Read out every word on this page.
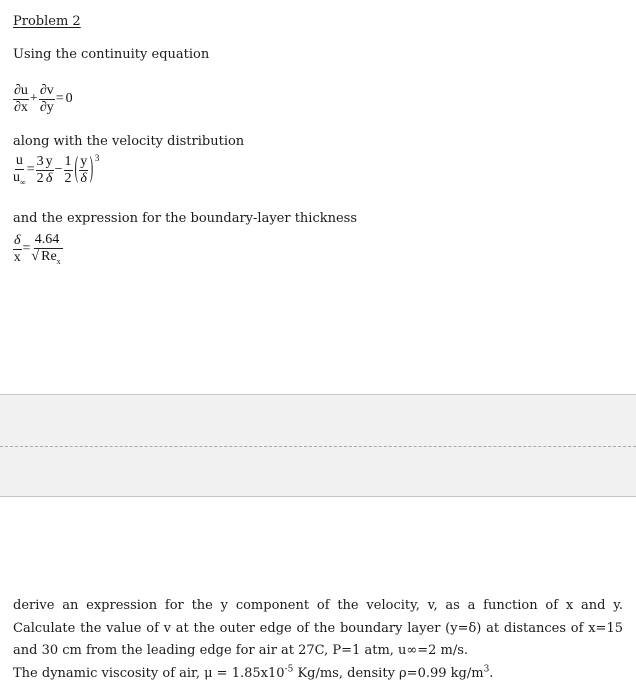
Problem 2
Using the continuity equation
$\frac{\partial u}{\partial x} + \frac{\partial v}{\partial y} = 0$
along with the velocity distribution
$\frac{u}{u_\infty} = \frac{3}{2} \frac{y}{\delta} - \frac{1}{2}$ ( $\frac{y}{\delta}$ ) 3
and the expression for the boundary-layer thickness
$\frac{\delta}{x} = \frac{4.64}{√ Re_x}$
derive an expression for the y component of the velocity, v, as a function of x and y.
Calculate the value of v at the outer edge of the boundary layer (y=δ) at distances of x=15
and 30 cm from the leading edge for air at 27C, P=1 atm, u∞=2 m/s.
The dynamic viscosity of air, $\mu = 1.85x10^{-5}$ Kg/ms, density ρ=0.99 $kg/m^3$.
